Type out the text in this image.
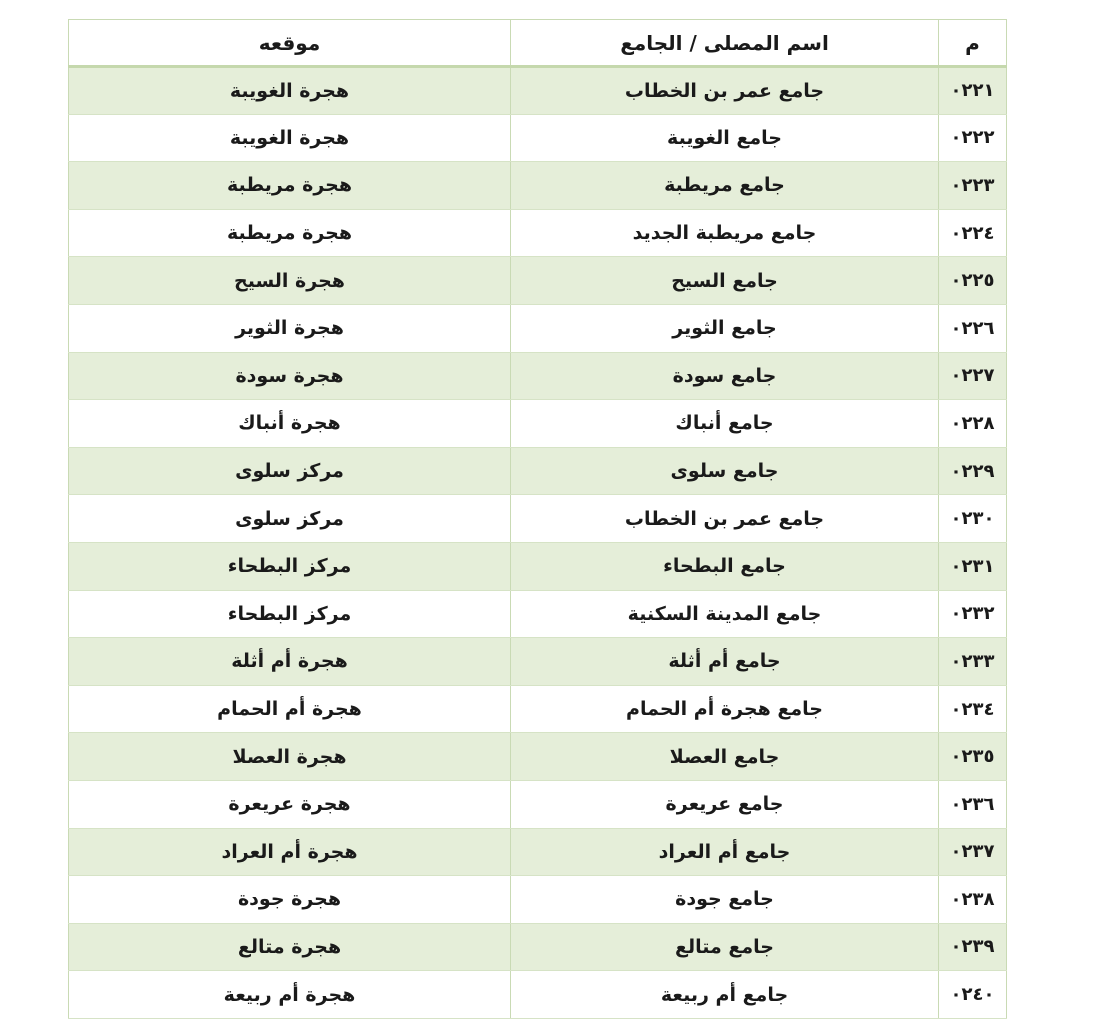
م	اسم المصلى / الجامع	موقعه
٠٢٢١	جامع عمر بن الخطاب	هجرة الغويبة
٠٢٢٢	جامع الغويبة	هجرة الغويبة
٠٢٢٣	جامع مريطبة	هجرة مريطبة
٠٢٢٤	جامع مريطبة الجديد	هجرة مريطبة
٠٢٢٥	جامع السيح	هجرة السيح
٠٢٢٦	جامع الثوير	هجرة الثوير
٠٢٢٧	جامع سودة	هجرة سودة
٠٢٢٨	جامع أنباك	هجرة أنباك
٠٢٢٩	جامع سلوى	مركز سلوى
٠٢٣٠	جامع عمر بن الخطاب	مركز سلوى
٠٢٣١	جامع البطحاء	مركز البطحاء
٠٢٣٢	جامع المدينة السكنية	مركز البطحاء
٠٢٣٣	جامع أم أثلة	هجرة أم أثلة
٠٢٣٤	جامع هجرة أم الحمام	هجرة أم الحمام
٠٢٣٥	جامع العصلا	هجرة العصلا
٠٢٣٦	جامع عريعرة	هجرة عريعرة
٠٢٣٧	جامع أم العراد	هجرة أم العراد
٠٢٣٨	جامع جودة	هجرة جودة
٠٢٣٩	جامع متالع	هجرة متالع
٠٢٤٠	جامع أم ربيعة	هجرة أم ربيعة
